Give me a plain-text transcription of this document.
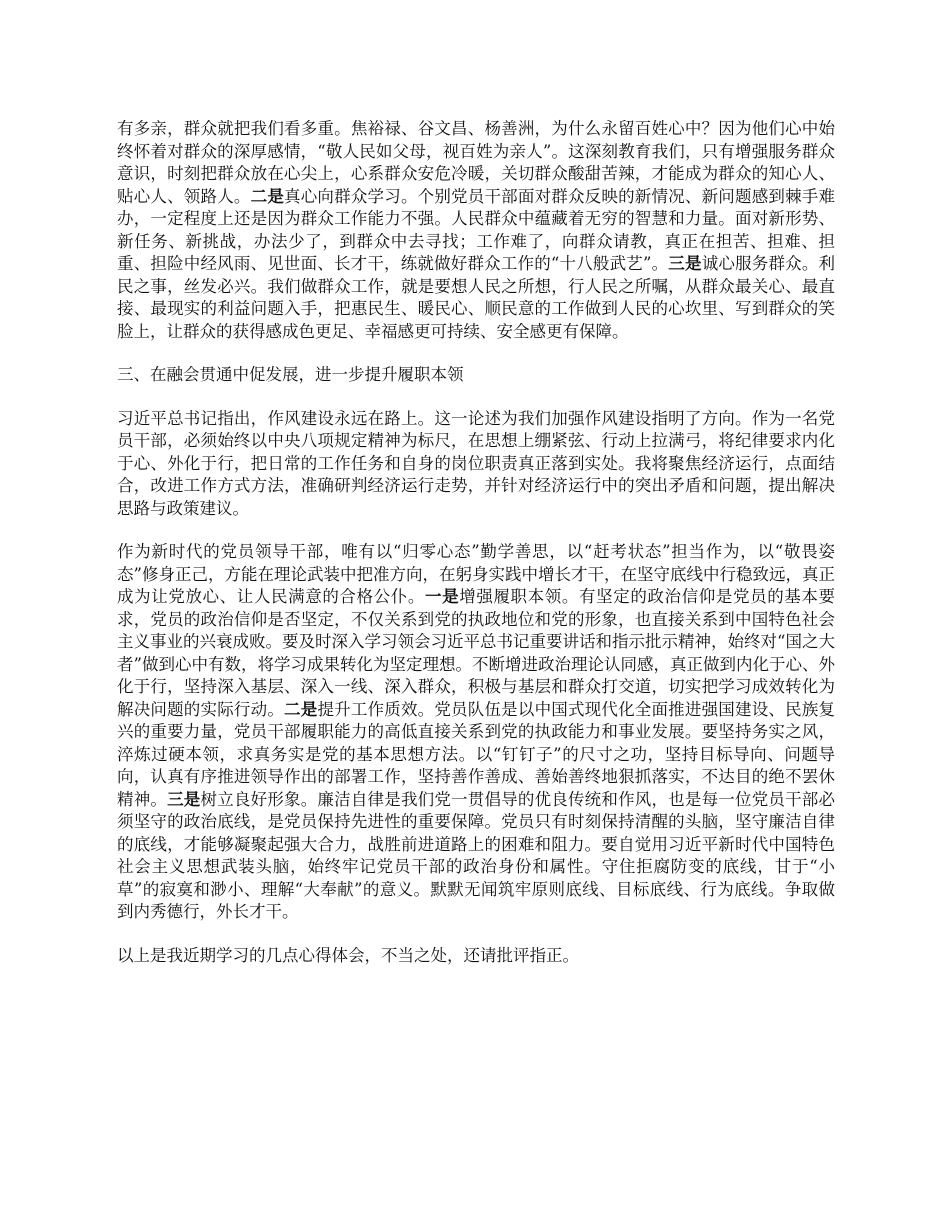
有多亲，群众就把我们看多重。焦裕禄、谷文昌、杨善洲，为什么永留百姓心中？因为他们心中始终怀着对群众的深厚感情，“敬人民如父母，视百姓为亲人”。这深刻教育我们，只有增强服务群众意识，时刻把群众放在心尖上，心系群众安危冷暖，关切群众酸甜苦辣，才能成为群众的知心人、贴心人、领路人。二是真心向群众学习。个别党员干部面对群众反映的新情况、新问题感到棘手难办，一定程度上还是因为群众工作能力不强。人民群众中蕴藏着无穷的智慧和力量。面对新形势、新任务、新挑战，办法少了，到群众中去寻找；工作难了，向群众请教，真正在担苦、担难、担重、担险中经风雨、见世面、长才干，练就做好群众工作的“十八般武艺”。三是诚心服务群众。利民之事，丝发必兴。我们做群众工作，就是要想人民之所想，行人民之所嘱，从群众最关心、最直接、最现实的利益问题入手，把惠民生、暖民心、顺民意的工作做到人民的心坎里、写到群众的笑脸上，让群众的获得感成色更足、幸福感更可持续、安全感更有保障。

三、在融会贯通中促发展，进一步提升履职本领

习近平总书记指出，作风建设永远在路上。这一论述为我们加强作风建设指明了方向。作为一名党员干部，必须始终以中央八项规定精神为标尺，在思想上绷紧弦、行动上拉满弓，将纪律要求内化于心、外化于行，把日常的工作任务和自身的岗位职责真正落到实处。我将聚焦经济运行，点面结合，改进工作方式方法，准确研判经济运行走势，并针对经济运行中的突出矛盾和问题，提出解决思路与政策建议。

作为新时代的党员领导干部，唯有以“归零心态”勤学善思，以“赶考状态”担当作为，以“敬畏姿态”修身正己，方能在理论武装中把准方向，在躬身实践中增长才干，在坚守底线中行稳致远，真正成为让党放心、让人民满意的合格公仆。一是增强履职本领。有坚定的政治信仰是党员的基本要求，党员的政治信仰是否坚定，不仅关系到党的执政地位和党的形象，也直接关系到中国特色社会主义事业的兴衰成败。要及时深入学习领会习近平总书记重要讲话和指示批示精神，始终对“国之大者”做到心中有数，将学习成果转化为坚定理想。不断增进政治理论认同感，真正做到内化于心、外化于行，坚持深入基层、深入一线、深入群众，积极与基层和群众打交道，切实把学习成效转化为解决问题的实际行动。二是提升工作质效。党员队伍是以中国式现代化全面推进强国建设、民族复兴的重要力量，党员干部履职能力的高低直接关系到党的执政能力和事业发展。要坚持务实之风，淬炼过硬本领，求真务实是党的基本思想方法。以“钉钉子”的尺寸之功，坚持目标导向、问题导向，认真有序推进领导作出的部署工作，坚持善作善成、善始善终地狠抓落实，不达目的绝不罢休精神。三是树立良好形象。廉洁自律是我们党一贯倡导的优良传统和作风，也是每一位党员干部必须坚守的政治底线，是党员保持先进性的重要保障。党员只有时刻保持清醒的头脑，坚守廉洁自律的底线，才能够凝聚起强大合力，战胜前进道路上的困难和阻力。要自觉用习近平新时代中国特色社会主义思想武装头脑，始终牢记党员干部的政治身份和属性。守住拒腐防变的底线，甘于“小草”的寂寞和渺小、理解“大奉献”的意义。默默无闻筑牢原则底线、目标底线、行为底线。争取做到内秀德行，外长才干。

以上是我近期学习的几点心得体会，不当之处，还请批评指正。
